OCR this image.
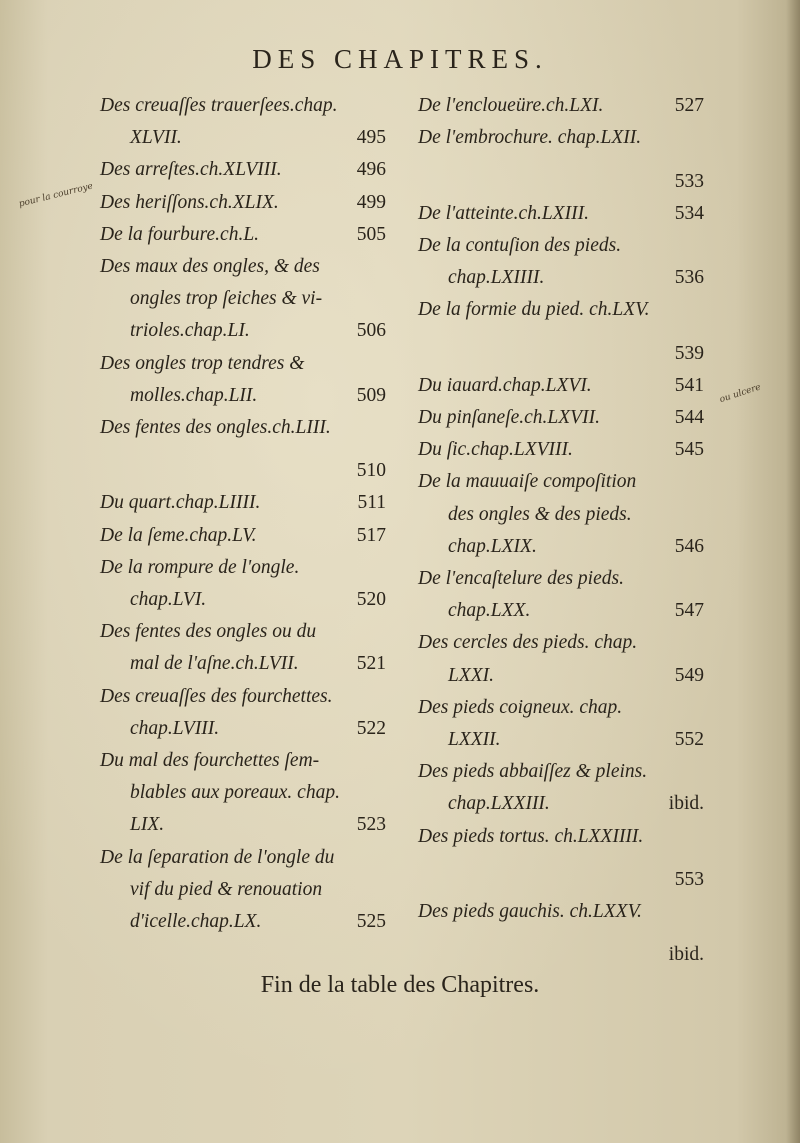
DES CHAPITRES.
Des creuaſſes trauerſees.chap.
XLVII.	495
Des arreſtes.ch.XLVIII.	496
Des heriſſons.ch.XLIX.	499
De la fourbure.ch.L.	505
Des maux des ongles, & des
ongles trop ſeiches & vi-
trioles.chap.LI.	506
Des ongles trop tendres &
molles.chap.LII.	509
Des fentes des ongles.ch.LIII.
510
Du quart.chap.LIIII.	511
De la ſeme.chap.LV.	517
De la rompure de l'ongle.
chap.LVI.	520
Des fentes des ongles ou du
mal de l'aſne.ch.LVII.	521
Des creuaſſes des fourchettes.
chap.LVIII.	522
Du mal des fourchettes ſem-
blables aux poreaux. chap.
LIX.	523
De la ſeparation de l'ongle du
vif du pied & renouation
d'icelle.chap.LX.	525
De l'encloueüre.ch.LXI.	527
De l'embrochure. chap.LXII.
533
De l'atteinte.ch.LXIII.	534
De la contuſion des pieds.
chap.LXIIII.	536
De la formie du pied. ch.LXV.
539
Du iauard.chap.LXVI.	541
Du pinſaneſe.ch.LXVII.	544
Du ſic.chap.LXVIII.	545
De la mauuaiſe compoſition
des ongles & des pieds.
chap.LXIX.	546
De l'encaſtelure des pieds.
chap.LXX.	547
Des cercles des pieds. chap.
LXXI.	549
Des pieds coigneux. chap.
LXXII.	552
Des pieds abbaiſſez & pleins.
chap.LXXIII.	ibid.
Des pieds tortus. ch.LXXIIII.
553
Des pieds gauchis. ch.LXXV.
ibid.
pour la courroye
ou ulcere
Fin de la table des Chapitres.
